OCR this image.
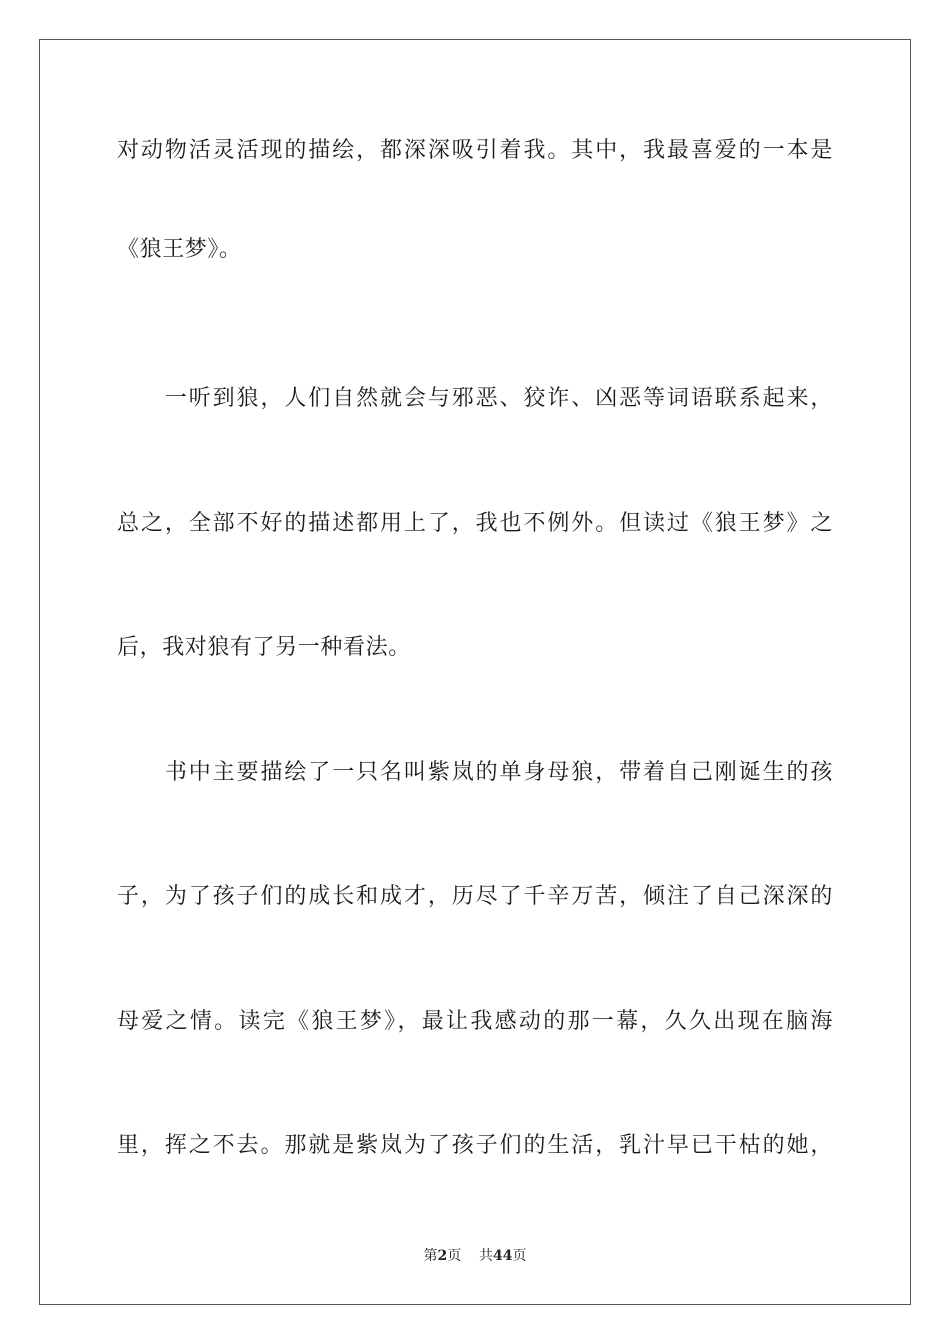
对动物活灵活现的描绘，都深深吸引着我。其中，我最喜爱的一本是
《狼王梦》。
　　一听到狼，人们自然就会与邪恶、狡诈、凶恶等词语联系起来，
总之，全部不好的描述都用上了，我也不例外。但读过《狼王梦》之
后，我对狼有了另一种看法。
　　书中主要描绘了一只名叫紫岚的单身母狼，带着自己刚诞生的孩
子，为了孩子们的成长和成才，历尽了千辛万苦，倾注了自己深深的
母爱之情。读完《狼王梦》，最让我感动的那一幕，久久出现在脑海
里，挥之不去。那就是紫岚为了孩子们的生活，乳汁早已干枯的她，
第2页 共44页
